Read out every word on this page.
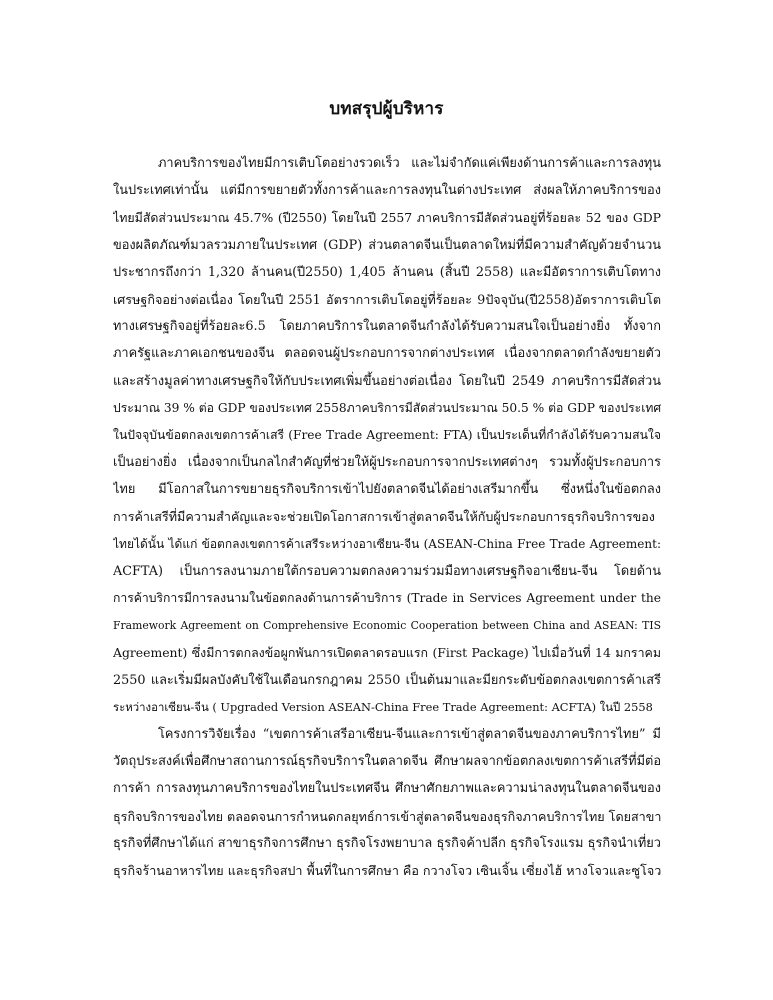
บทสรุปผู้บริหาร
ภาคบริการของไทยมีการเติบโตอย่างรวดเร็ว และไม่จำกัดแค่เพียงด้านการค้าและการลงทุน
ในประเทศเท่านั้น แต่มีการขยายตัวทั้งการค้าและการลงทุนในต่างประเทศ ส่งผลให้ภาคบริการของ
ไทยมีสัดส่วนประมาณ 45.7% (ปี2550) โดยในปี 2557 ภาคบริการมีสัดส่วนอยู่ที่ร้อยละ 52 ของ GDP
ของผลิตภัณฑ์มวลรวมภายในประเทศ (GDP) ส่วนตลาดจีนเป็นตลาดใหม่ที่มีความสำคัญด้วยจำนวน
ประชากรถึงกว่า 1,320 ล้านคน(ปี2550) 1,405 ล้านคน (สิ้นปี 2558) และมีอัตราการเติบโตทาง
เศรษฐกิจอย่างต่อเนื่อง โดยในปี 2551 อัตราการเติบโตอยู่ที่ร้อยละ 9ปัจจุบัน(ปี2558)อัตราการเติบโต
ทางเศรษฐกิจอยู่ที่ร้อยละ6.5 โดยภาคบริการในตลาดจีนกำลังได้รับความสนใจเป็นอย่างยิ่ง ทั้งจาก
ภาครัฐและภาคเอกชนของจีน ตลอดจนผู้ประกอบการจากต่างประเทศ เนื่องจากตลาดกำลังขยายตัว
และสร้างมูลค่าทางเศรษฐกิจให้กับประเทศเพิ่มขึ้นอย่างต่อเนื่อง โดยในปี 2549 ภาคบริการมีสัดส่วน
ประมาณ 39 % ต่อ GDP ของประเทศ 2558ภาคบริการมีสัดส่วนประมาณ 50.5 % ต่อ GDP ของประเทศ
ในปัจจุบันข้อตกลงเขตการค้าเสรี (Free Trade Agreement: FTA) เป็นประเด็นที่กำลังได้รับความสนใจ
เป็นอย่างยิ่ง เนื่องจากเป็นกลไกสำคัญที่ช่วยให้ผู้ประกอบการจากประเทศต่างๆ รวมทั้งผู้ประกอบการ
ไทย มีโอกาสในการขยายธุรกิจบริการเข้าไปยังตลาดจีนได้อย่างเสรีมากขึ้น ซึ่งหนึ่งในข้อตกลง
การค้าเสรีที่มีความสำคัญและจะช่วยเปิดโอกาสการเข้าสู่ตลาดจีนให้กับผู้ประกอบการธุรกิจบริการของ
ไทยได้นั้น ได้แก่ ข้อตกลงเขตการค้าเสรีระหว่างอาเซียน-จีน (ASEAN-China Free Trade Agreement:
ACFTA) เป็นการลงนามภายใต้กรอบความตกลงความร่วมมือทางเศรษฐกิจอาเซียน-จีน โดยด้าน
การค้าบริการมีการลงนามในข้อตกลงด้านการค้าบริการ (Trade in Services Agreement under the
Framework Agreement on Comprehensive Economic Cooperation between China and ASEAN: TIS
Agreement) ซึ่งมีการตกลงข้อผูกพันการเปิดตลาดรอบแรก (First Package) ไปเมื่อวันที่ 14 มกราคม
2550 และเริ่มมีผลบังคับใช้ในเดือนกรกฎาคม 2550 เป็นต้นมาและมียกระดับข้อตกลงเขตการค้าเสรี
ระหว่างอาเซียน-จีน ( Upgraded Version ASEAN-China Free Trade Agreement: ACFTA) ในปี 2558
โครงการวิจัยเรื่อง “เขตการค้าเสรีอาเซียน-จีนและการเข้าสู่ตลาดจีนของภาคบริการไทย” มี
วัตถุประสงค์เพื่อศึกษาสถานการณ์ธุรกิจบริการในตลาดจีน ศึกษาผลจากข้อตกลงเขตการค้าเสรีที่มีต่อ
การค้า การลงทุนภาคบริการของไทยในประเทศจีน ศึกษาศักยภาพและความน่าลงทุนในตลาดจีนของ
ธุรกิจบริการของไทย ตลอดจนการกำหนดกลยุทธ์การเข้าสู่ตลาดจีนของธุรกิจภาคบริการไทย โดยสาขา
ธุรกิจที่ศึกษาได้แก่ สาขาธุรกิจการศึกษา ธุรกิจโรงพยาบาล ธุรกิจค้าปลีก ธุรกิจโรงแรม ธุรกิจนำเที่ยว
ธุรกิจร้านอาหารไทย และธุรกิจสปา พื้นที่ในการศึกษา คือ กวางโจว เซินเจิ้น เซี่ยงไฮ้ หางโจวและซูโจว
